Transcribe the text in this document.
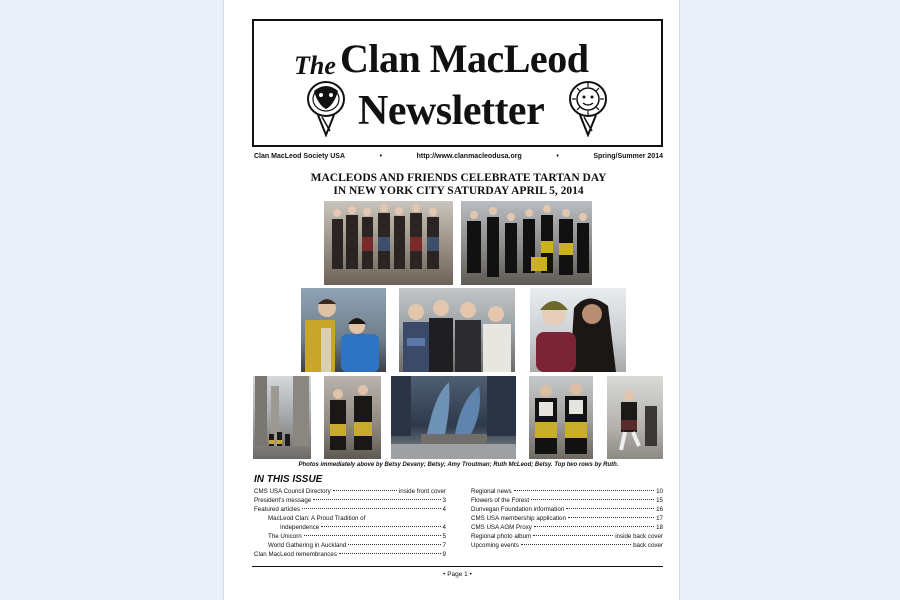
The Clan MacLeod
Newsletter
Clan MacLeod Society USA	•	http://www.clanmacleodusa.org	•	Spring/Summer 2014
MACLEODS AND FRIENDS CELEBRATE TARTAN DAY
IN NEW YORK CITY SATURDAY APRIL 5, 2014
Photos immediately above by Betsy Devany; Betsy; Amy Troutman; Ruth McLeod; Betsy. Top two rows by Ruth.
IN THIS ISSUE
CMS USA Council Directory	inside front cover
President's message	3
Featured articles	4
MacLeod Clan: A Proud Tradition of
Independence	4
The Unicorn	5
World Gathering in Auckland	7
Clan MacLeod remembrances	9
Regional news	10
Flowers of the Forest	15
Dunvegan Foundation information	16
CMS USA membership application	17
CMS USA AGM Proxy	18
Regional photo album	inside back cover
Upcoming events	back cover
• Page 1 •
